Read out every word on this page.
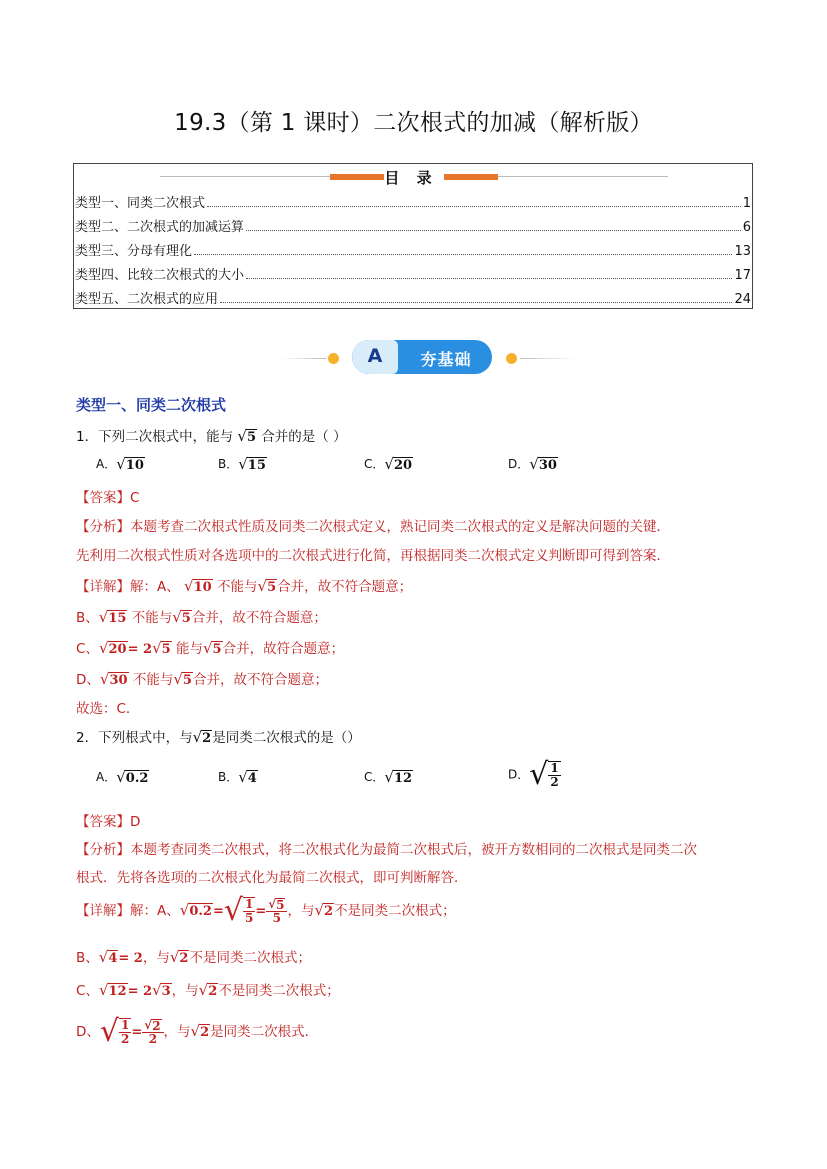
19.3（第 1 课时）二次根式的加减（解析版）
目 录
类型一、同类二次根式	1
类型二、二次根式的加减运算	6
类型三、分母有理化	13
类型四、比较二次根式的大小	17
类型五、二次根式的应用	24
A	夯基础
类型一、同类二次根式
1．下列二次根式中，能与 √ 5 合并的是（ ）
A． √ 10	B． √ 15	C． √ 20	D． √ 30
【答案】C
【分析】本题考查二次根式性质及同类二次根式定义，熟记同类二次根式的定义是解决问题的关键．
先利用二次根式性质对各选项中的二次根式进行化简，再根据同类二次根式定义判断即可得到答案．
【详解】解：A、 √ 10 不能与 √ 5 合并，故不符合题意；
B、 √ 15 不能与 √ 5 合并，故不符合题意；
C、 √ 20 = 2 √ 5 能与 √ 5 合并，故符合题意；
D、 √ 30 不能与 √ 5 合并，故不符合题意；
故选：C．
2．下列根式中，与 √ 2 是同类二次根式的是（）
A． √ 0.2	B． √ 4	C． √ 12	D．√ $\frac{1}{2}$
【答案】D
【分析】本题考查同类二次根式，将二次根式化为最简二次根式后，被开方数相同的二次根式是同类二次
根式．先将各选项的二次根式化为最简二次根式，即可判断解答．
【详解】解：A、 √ 0.2 =√ $\frac{1}{5} = \frac{√ 5}{5}$ ，与 √ 2 不是同类二次根式；
B、 √ 4 = 2，与 √ 2 不是同类二次根式；
C、 √ 12 = 2 √ 3 ，与 √ 2 不是同类二次根式；
D、√ $\frac{1}{2} = \frac{√ 2}{2}$ ，与 √ 2 是同类二次根式．
